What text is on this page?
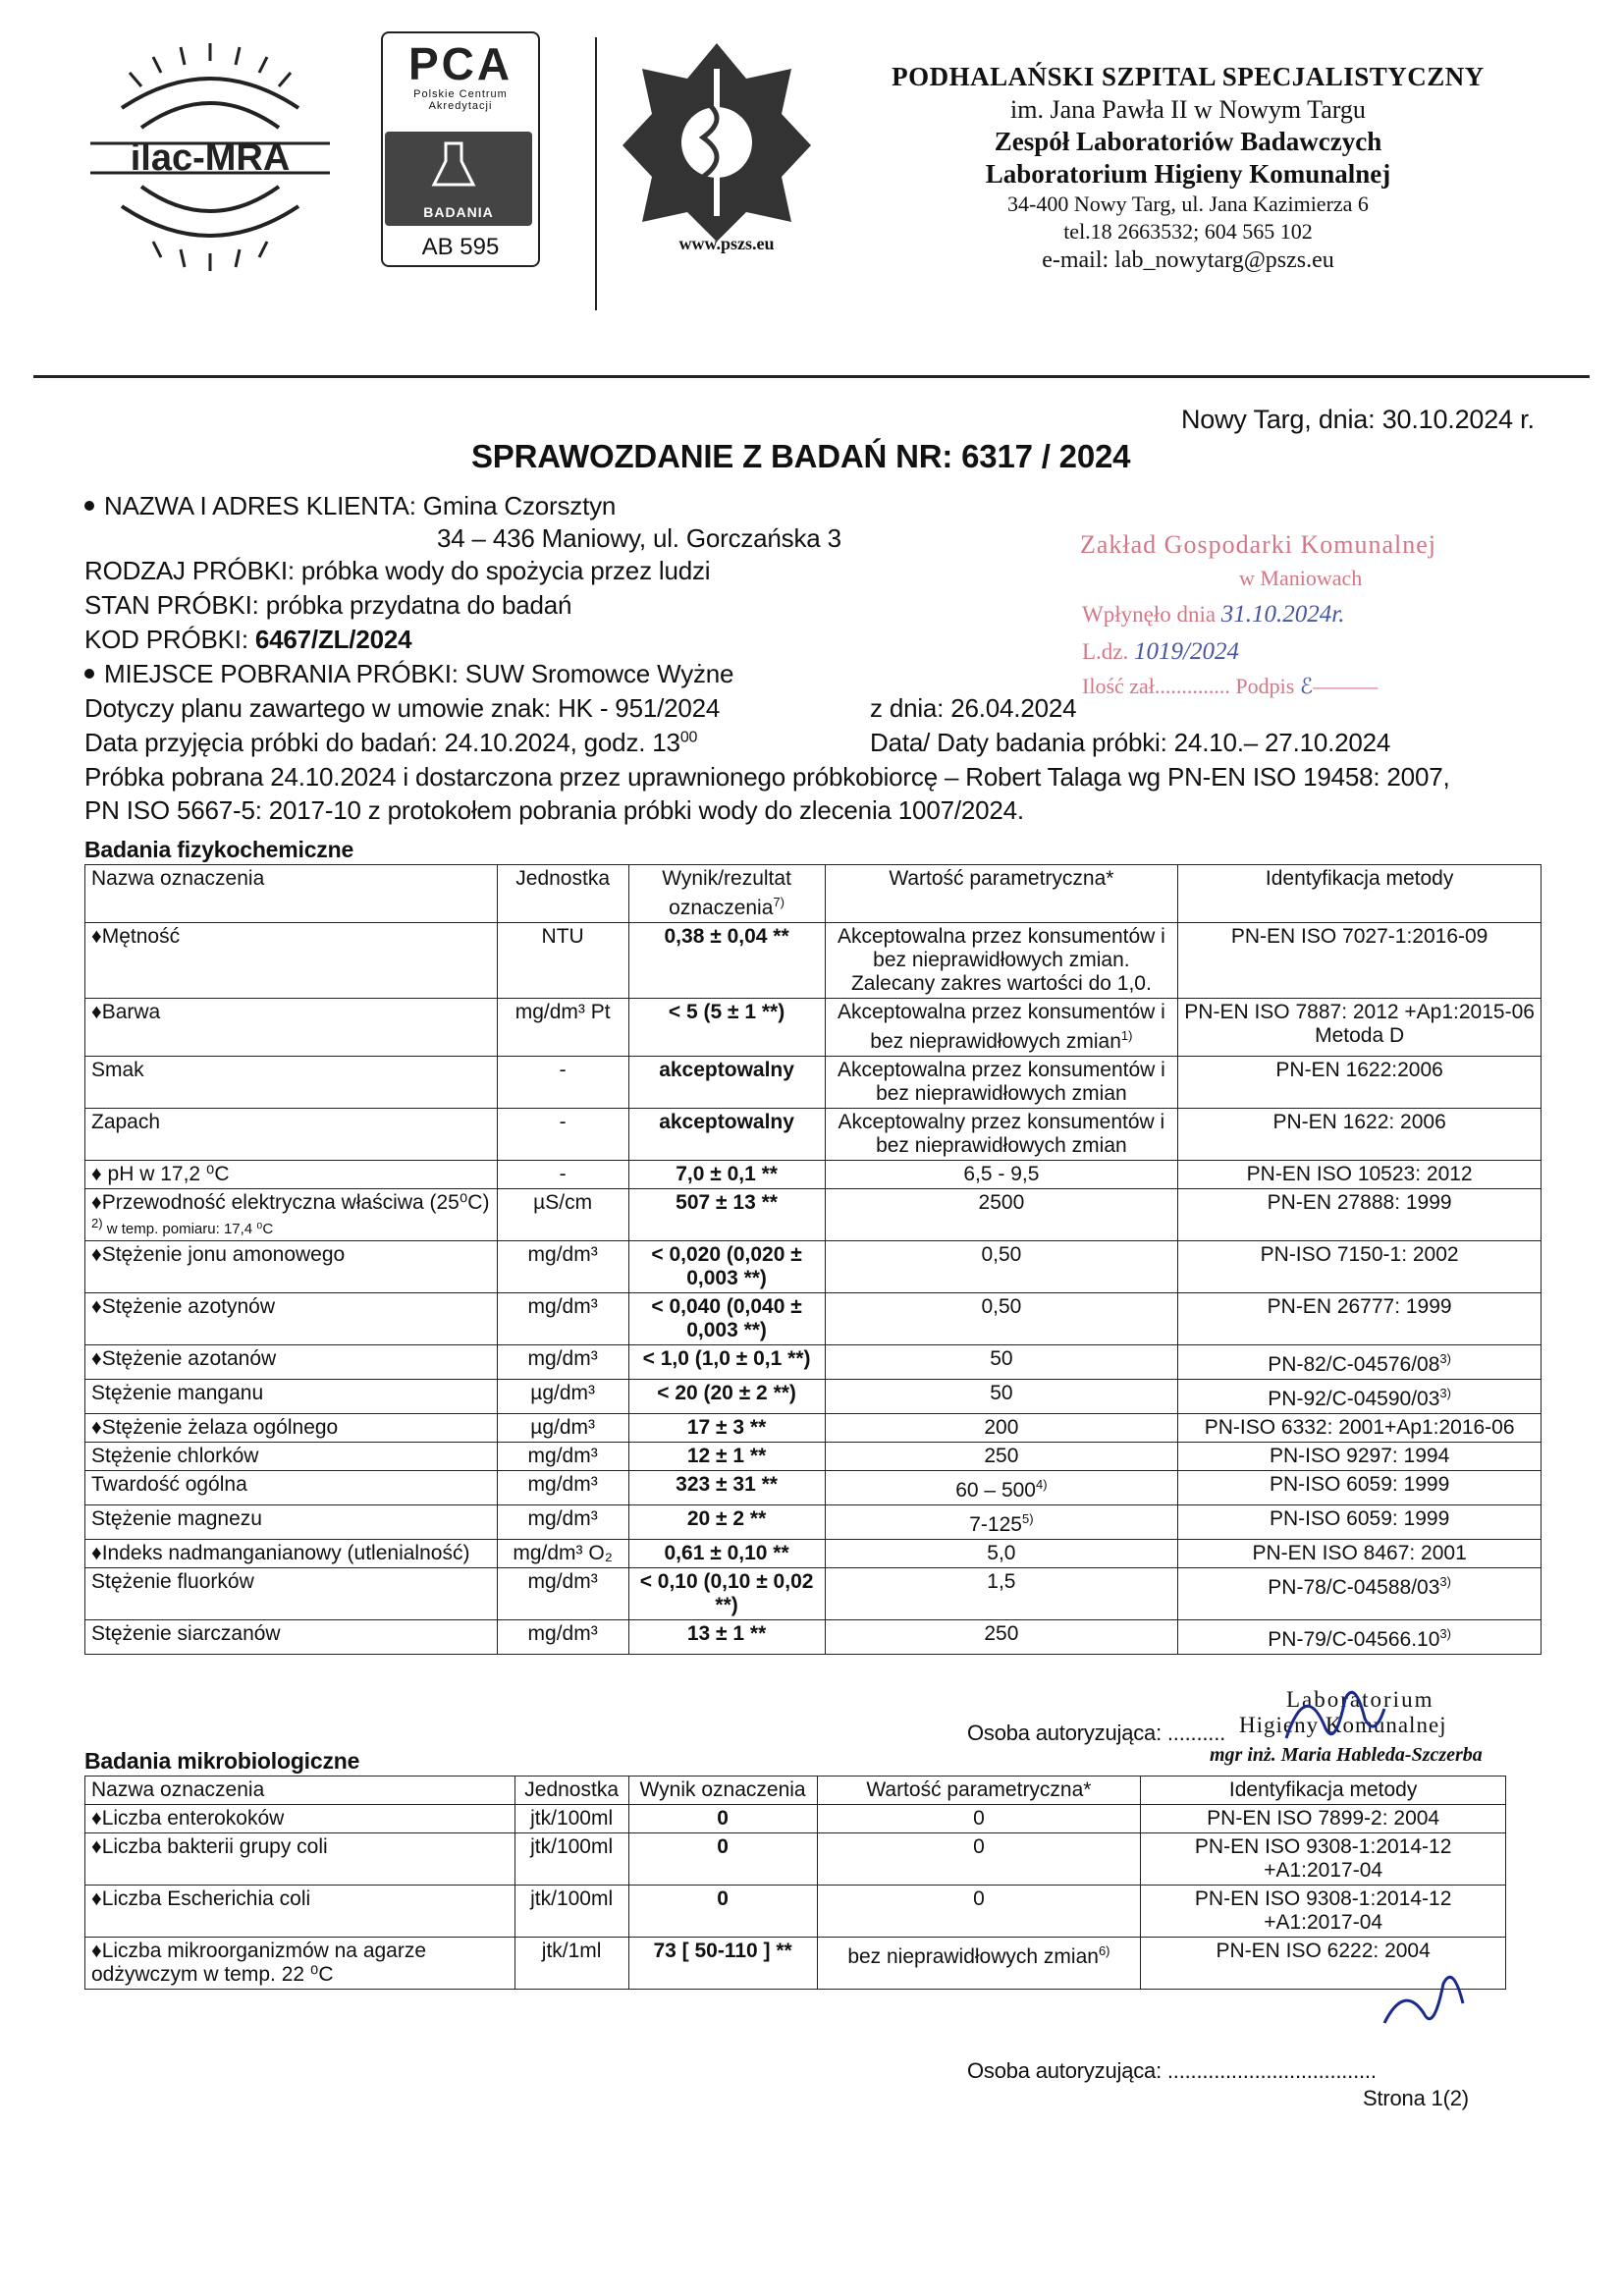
ilac-MRA
PCA
Polskie Centrum
Akredytacji
BADANIA
AB 595	www.pszs.eu
PODHALAŃSKI SZPITAL SPECJALISTYCZNY
im. Jana Pawła II w Nowym Targu
Zespół Laboratoriów Badawczych
Laboratorium Higieny Komunalnej
34-400 Nowy Targ, ul. Jana Kazimierza 6
tel.18 2663532; 604 565 102
e-mail: lab_nowytarg@pszs.eu
Nowy Targ, dnia: 30.10.2024 r.
SPRAWOZDANIE Z BADAŃ NR: 6317 / 2024
NAZWA I ADRES KLIENTA: Gmina Czorsztyn
34 – 436 Maniowy, ul. Gorczańska 3
RODZAJ PRÓBKI: próbka wody do spożycia przez ludzi
STAN PRÓBKI: próbka przydatna do badań
KOD PRÓBKI: 6467/ZL/2024
MIEJSCE POBRANIA PRÓBKI: SUW Sromowce Wyżne
Dotyczy planu zawartego w umowie znak: HK - 951/2024	z dnia: 26.04.2024
Data przyjęcia próbki do badań: 24.10.2024, godz. $13^{00}$	Data/ Daty badania próbki: 24.10.– 27.10.2024
Próbka pobrana 24.10.2024 i dostarczona przez uprawnionego próbkobiorcę – Robert Talaga wg PN-EN ISO 19458: 2007,
PN ISO 5667-5: 2017-10 z protokołem pobrania próbki wody do zlecenia 1007/2024.
Zakład Gospodarki Komunalnej
w Maniowach
Wpłynęło dnia 31.10.2024r.
L.dz. 1019/2024
Ilość zał.............. Podpis ℰ———
Badania fizykochemiczne
Nazwa oznaczenia	Jednostka	Wynik/rezultat oznaczenia$^{7)}$	Wartość parametryczna*	Identyfikacja metody
♦Mętność	NTU	0,38 ± 0,04 **	Akceptowalna przez konsumentów i bez nieprawidłowych zmian. Zalecany zakres wartości do 1,0.	PN-EN ISO 7027-1:2016-09
♦Barwa	mg/dm³ Pt	< 5 (5 ± 1 **)	Akceptowalna przez konsumentów i bez nieprawidłowych zmian$^{1)}$	PN-EN ISO 7887: 2012 +Ap1:2015-06 Metoda D
Smak	-	akceptowalny	Akceptowalna przez konsumentów i bez nieprawidłowych zmian	PN-EN 1622:2006
Zapach	-	akceptowalny	Akceptowalny przez konsumentów i bez nieprawidłowych zmian	PN-EN 1622: 2006
♦ pH w 17,2 ⁰C	-	7,0 ± 0,1 **	6,5 - 9,5	PN-EN ISO 10523: 2012
♦Przewodność elektryczna właściwa (25⁰C)
$^{2)}$ w temp. pomiaru: 17,4 ⁰C	µS/cm	507 ± 13 **	2500	PN-EN 27888: 1999
♦Stężenie jonu amonowego	mg/dm³	< 0,020 (0,020 ± 0,003 **)	0,50	PN-ISO 7150-1: 2002
♦Stężenie azotynów	mg/dm³	< 0,040 (0,040 ± 0,003 **)	0,50	PN-EN 26777: 1999
♦Stężenie azotanów	mg/dm³	< 1,0 (1,0 ± 0,1 **)	50	PN-82/C-04576/08$^{3)}$
Stężenie manganu	µg/dm³	< 20 (20 ± 2 **)	50	PN-92/C-04590/03$^{3)}$
♦Stężenie żelaza ogólnego	µg/dm³	17 ± 3 **	200	PN-ISO 6332: 2001+Ap1:2016-06
Stężenie chlorków	mg/dm³	12 ± 1 **	250	PN-ISO 9297: 1994
Twardość ogólna	mg/dm³	323 ± 31 **	60 – 500$^{4)}$	PN-ISO 6059: 1999
Stężenie magnezu	mg/dm³	20 ± 2 **	7-125$^{5)}$	PN-ISO 6059: 1999
♦Indeks nadmanganianowy (utlenialność)	mg/dm³ O₂	0,61 ± 0,10 **	5,0	PN-EN ISO 8467: 2001
Stężenie fluorków	mg/dm³	< 0,10 (0,10 ± 0,02 **)	1,5	PN-78/C-04588/03$^{3)}$
Stężenie siarczanów	mg/dm³	13 ± 1 **	250	PN-79/C-04566.10$^{3)}$
Osoba autoryzująca: ..........
Laboratorium
Higieny Komunalnej
mgr inż. Maria Hableda-Szczerba
Badania mikrobiologiczne
Nazwa oznaczenia	Jednostka	Wynik oznaczenia	Wartość parametryczna*	Identyfikacja metody
♦Liczba enterokoków	jtk/100ml	0	0	PN-EN ISO 7899-2: 2004
♦Liczba bakterii grupy coli	jtk/100ml	0	0	PN-EN ISO 9308-1:2014-12 +A1:2017-04
♦Liczba Escherichia coli	jtk/100ml	0	0	PN-EN ISO 9308-1:2014-12 +A1:2017-04
♦Liczba mikroorganizmów na agarze odżywczym w temp. 22 ⁰C	jtk/1ml	73 [ 50-110 ] **	bez nieprawidłowych zmian$^{6)}$	PN-EN ISO 6222: 2004
Osoba autoryzująca: ....................................
Strona 1(2)
